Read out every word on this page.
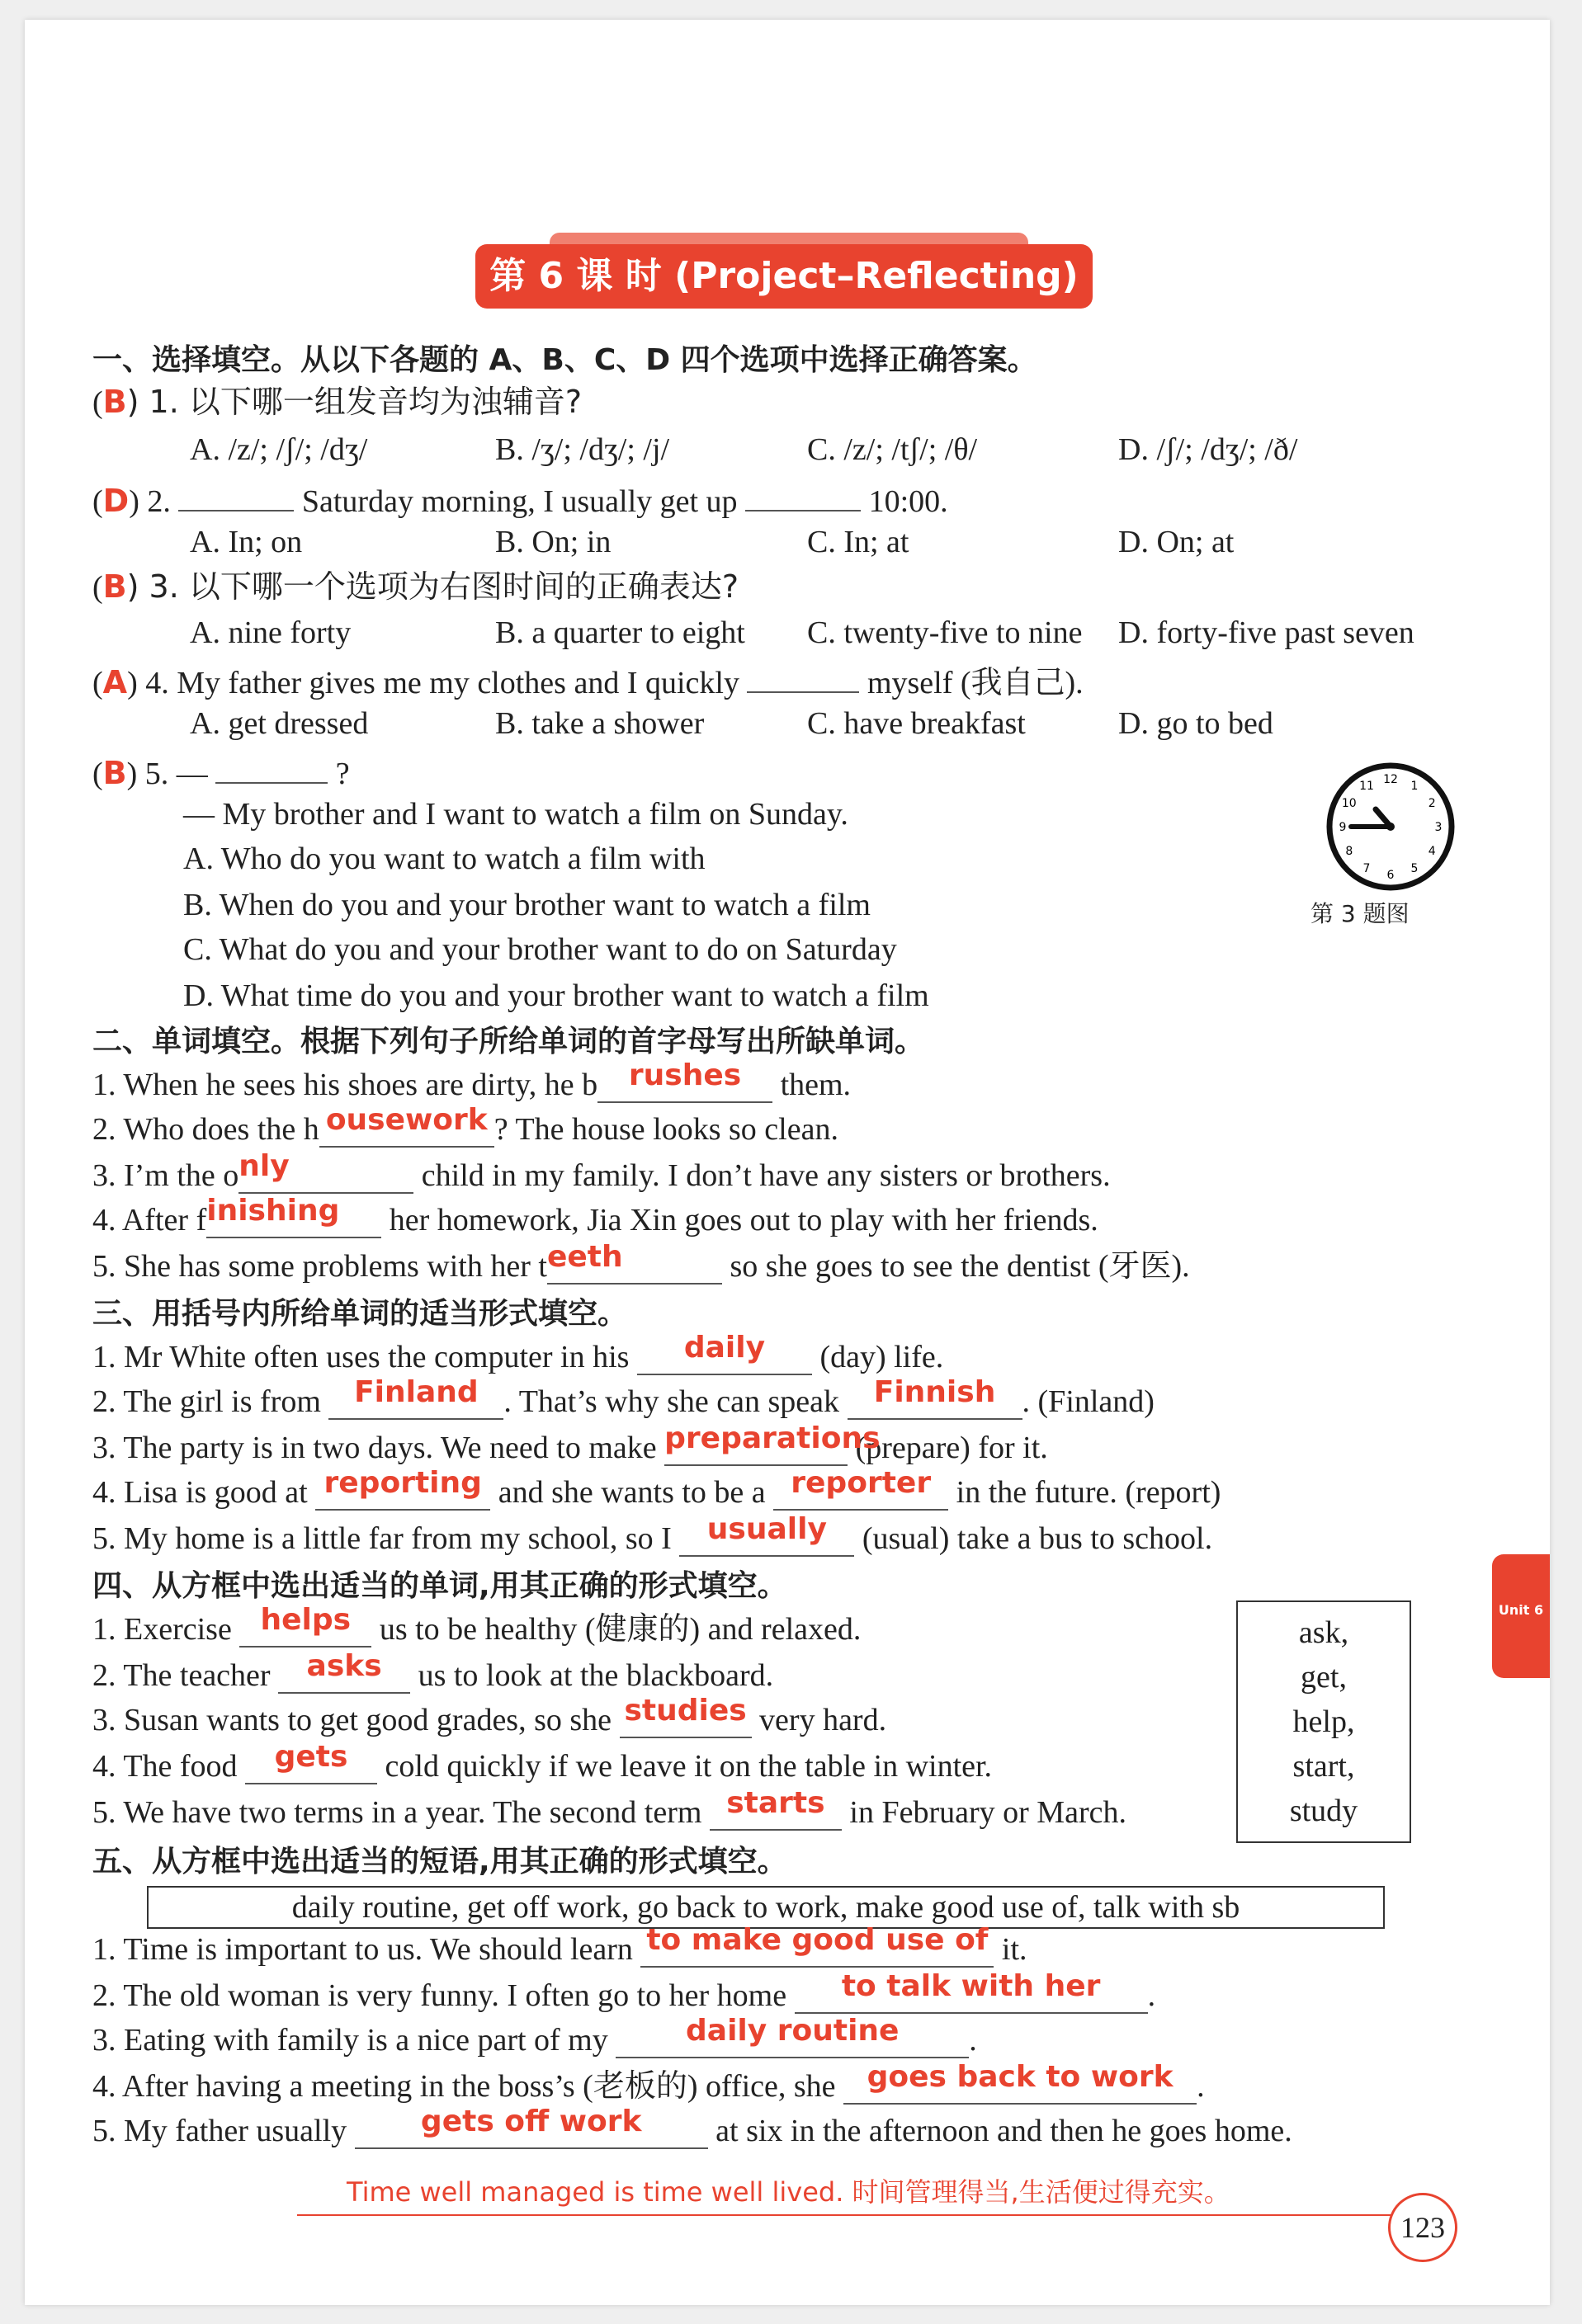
第 6 课 时 (Project–Reflecting)
一、选择填空。从以下各题的 A、B、C、D 四个选项中选择正确答案。
(B) 1. 以下哪一组发音均为浊辅音?
A. /z/; /ʃ/; /dʒ/	B. /ʒ/; /dʒ/; /j/	C. /z/; /tʃ/; /θ/	D. /ʃ/; /dʒ/; /ð/
(D) 2.	Saturday morning, I usually get up	10:00.
A. In; on	B. On; in	C. In; at	D. On; at
(B) 3. 以下哪一个选项为右图时间的正确表达?
A. nine forty	B. a quarter to eight C. twenty-five to nine D. forty-five past seven
(A) 4. My father gives me my clothes and I quickly	myself (我自己).
A. get dressed	B. take a shower	C. have breakfast	D. go to bed
(B) 5. —	?
— My brother and I want to watch a film on Sunday.
A. Who do you want to watch a film with
B. When do you and your brother want to watch a film
C. What do you and your brother want to do on Saturday
D. What time do you and your brother want to watch a film
12 1
2
3
4
5
6
7
8
9
10
11
第 3 题图
二、单词填空。根据下列句子所给单词的首字母写出所缺单词。
1. When he sees his shoes are dirty, he b rushes them.
2. Who does the h ousework ? The house looks so clean.
3. I’m the only	child in my family. I don’t have any sisters or brothers.
4. After finishing her homework, Jia Xin goes out to play with her friends.
5. She has some problems with her teeth	so she goes to see the dentist (牙医).
三、用括号内所给单词的适当形式填空。
1. Mr White often uses the computer in his daily (day) life.
2. The girl is from Finland . That’s why she can speak Finnish . (Finland)
3. The party is in two days. We need to make preparations (prepare) for it.
4. Lisa is good at reporting and she wants to be a reporter in the future. (report)
5. My home is a little far from my school, so I usually (usual) take a bus to school.
四、从方框中选出适当的单词,用其正确的形式填空。
1. Exercise helps us to be healthy (健康的) and relaxed.
2. The teacher asks us to look at the blackboard.
3. Susan wants to get good grades, so she studies very hard.
4. The food gets cold quickly if we leave it on the table in winter.
5. We have two terms in a year. The second term starts in February or March.
ask,
get,
help,
start,
study
五、从方框中选出适当的短语,用其正确的形式填空。
daily routine, get off work, go back to work, make good use of, talk with sb
1. Time is important to us. We should learn to make good use of it.
2. The old woman is very funny. I often go to her home to talk with her .
3. Eating with family is a nice part of my	daily routine .
4. After having a meeting in the boss’s (老板的) office, she goes back to work .
5. My father usually gets off work at six in the afternoon and then he goes home.
Unit 6
Time well managed is time well lived. 时间管理得当,生活便过得充实。
123
